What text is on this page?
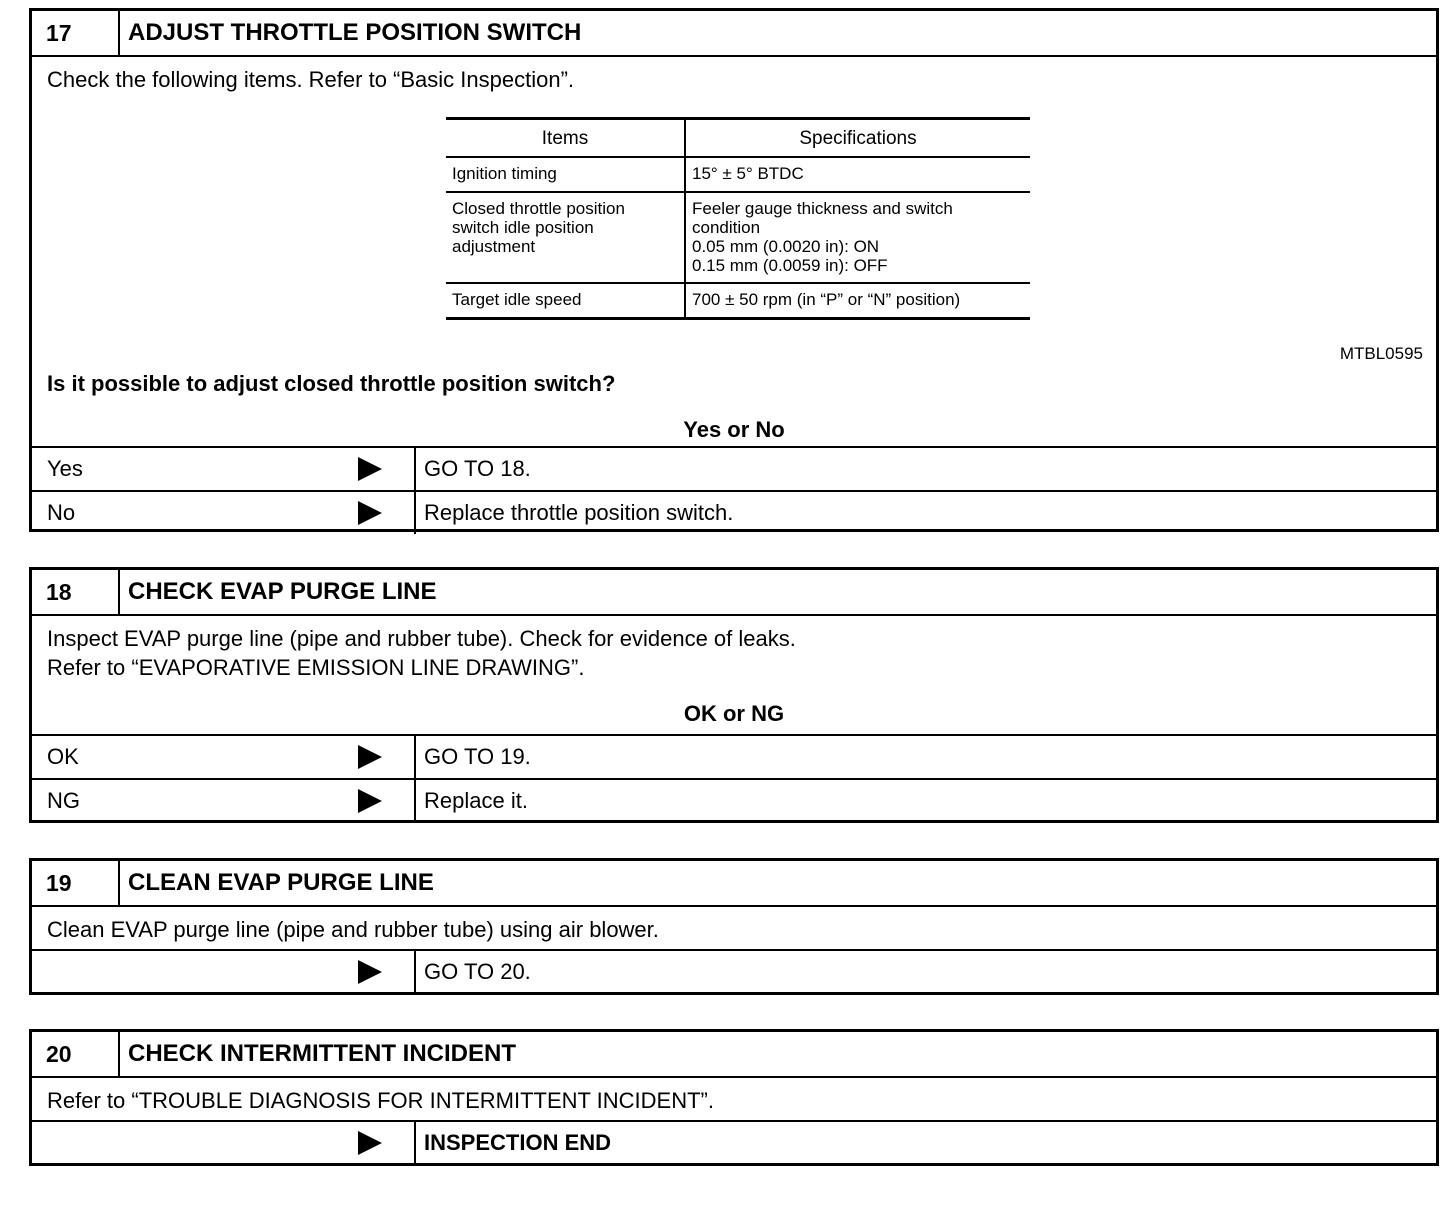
17	ADJUST THROTTLE POSITION SWITCH
Check the following items. Refer to “Basic Inspection”.
Items	Specifications
Ignition timing	15° ± 5° BTDC
Closed throttle position
switch idle position
adjustment	Feeler gauge thickness and switch
condition
0.05 mm (0.0020 in): ON
0.15 mm (0.0059 in): OFF
Target idle speed	700 ± 50 rpm (in “P” or “N” position)
MTBL0595
Is it possible to adjust closed throttle position switch?
Yes or No
Yes	GO TO 18.
No	Replace throttle position switch.
18	CHECK EVAP PURGE LINE
Inspect EVAP purge line (pipe and rubber tube). Check for evidence of leaks.
Refer to “EVAPORATIVE EMISSION LINE DRAWING”.
OK or NG
OK	GO TO 19.
NG	Replace it.
19	CLEAN EVAP PURGE LINE
Clean EVAP purge line (pipe and rubber tube) using air blower.
GO TO 20.
20	CHECK INTERMITTENT INCIDENT
Refer to “TROUBLE DIAGNOSIS FOR INTERMITTENT INCIDENT”.
INSPECTION END
